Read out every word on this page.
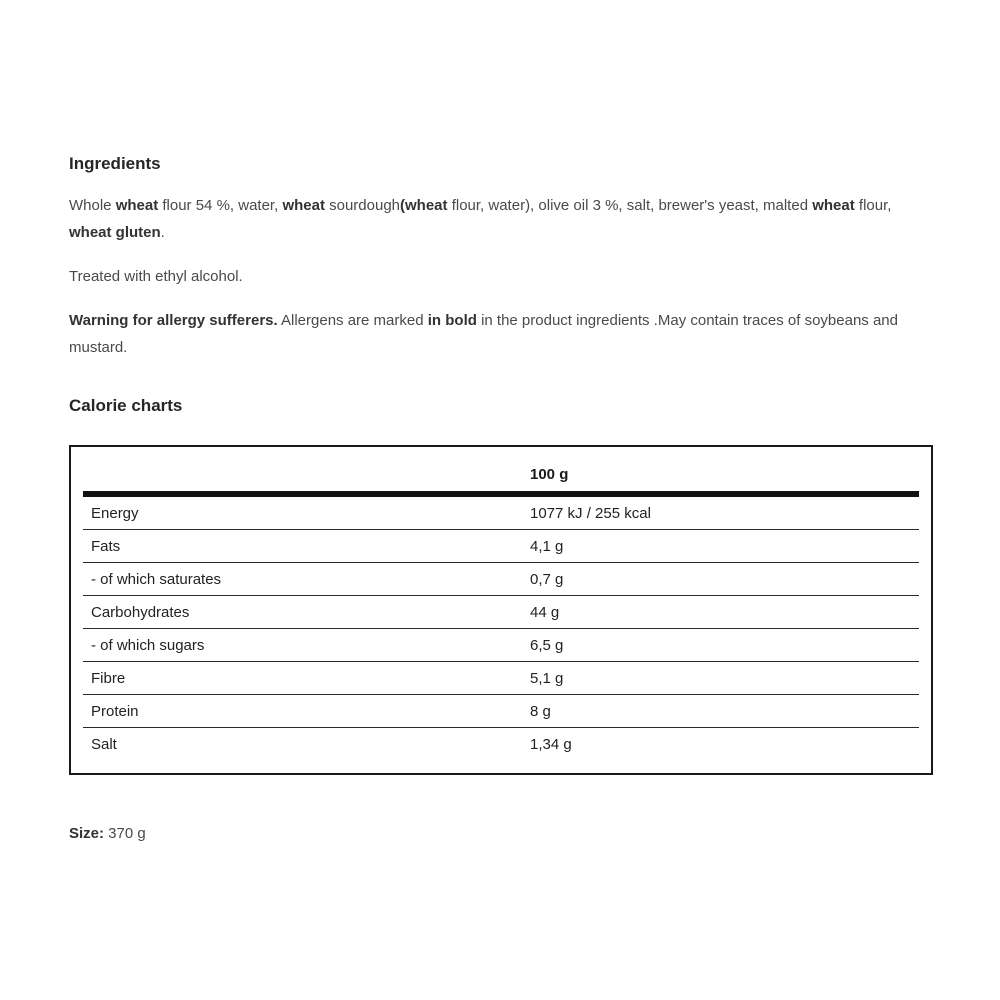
Ingredients
Whole wheat flour 54 %, water, wheat sourdough(wheat flour, water), olive oil 3 %, salt, brewer's yeast, malted wheat flour, wheat gluten.
Treated with ethyl alcohol.
Warning for allergy sufferers. Allergens are marked in bold in the product ingredients .May contain traces of soybeans and mustard.
Calorie charts
100 g
Energy	1077 kJ / 255 kcal
Fats	4,1 g
- of which saturates	0,7 g
Carbohydrates	44 g
- of which sugars	6,5 g
Fibre	5,1 g
Protein	8 g
Salt	1,34 g
Size: 370 g
